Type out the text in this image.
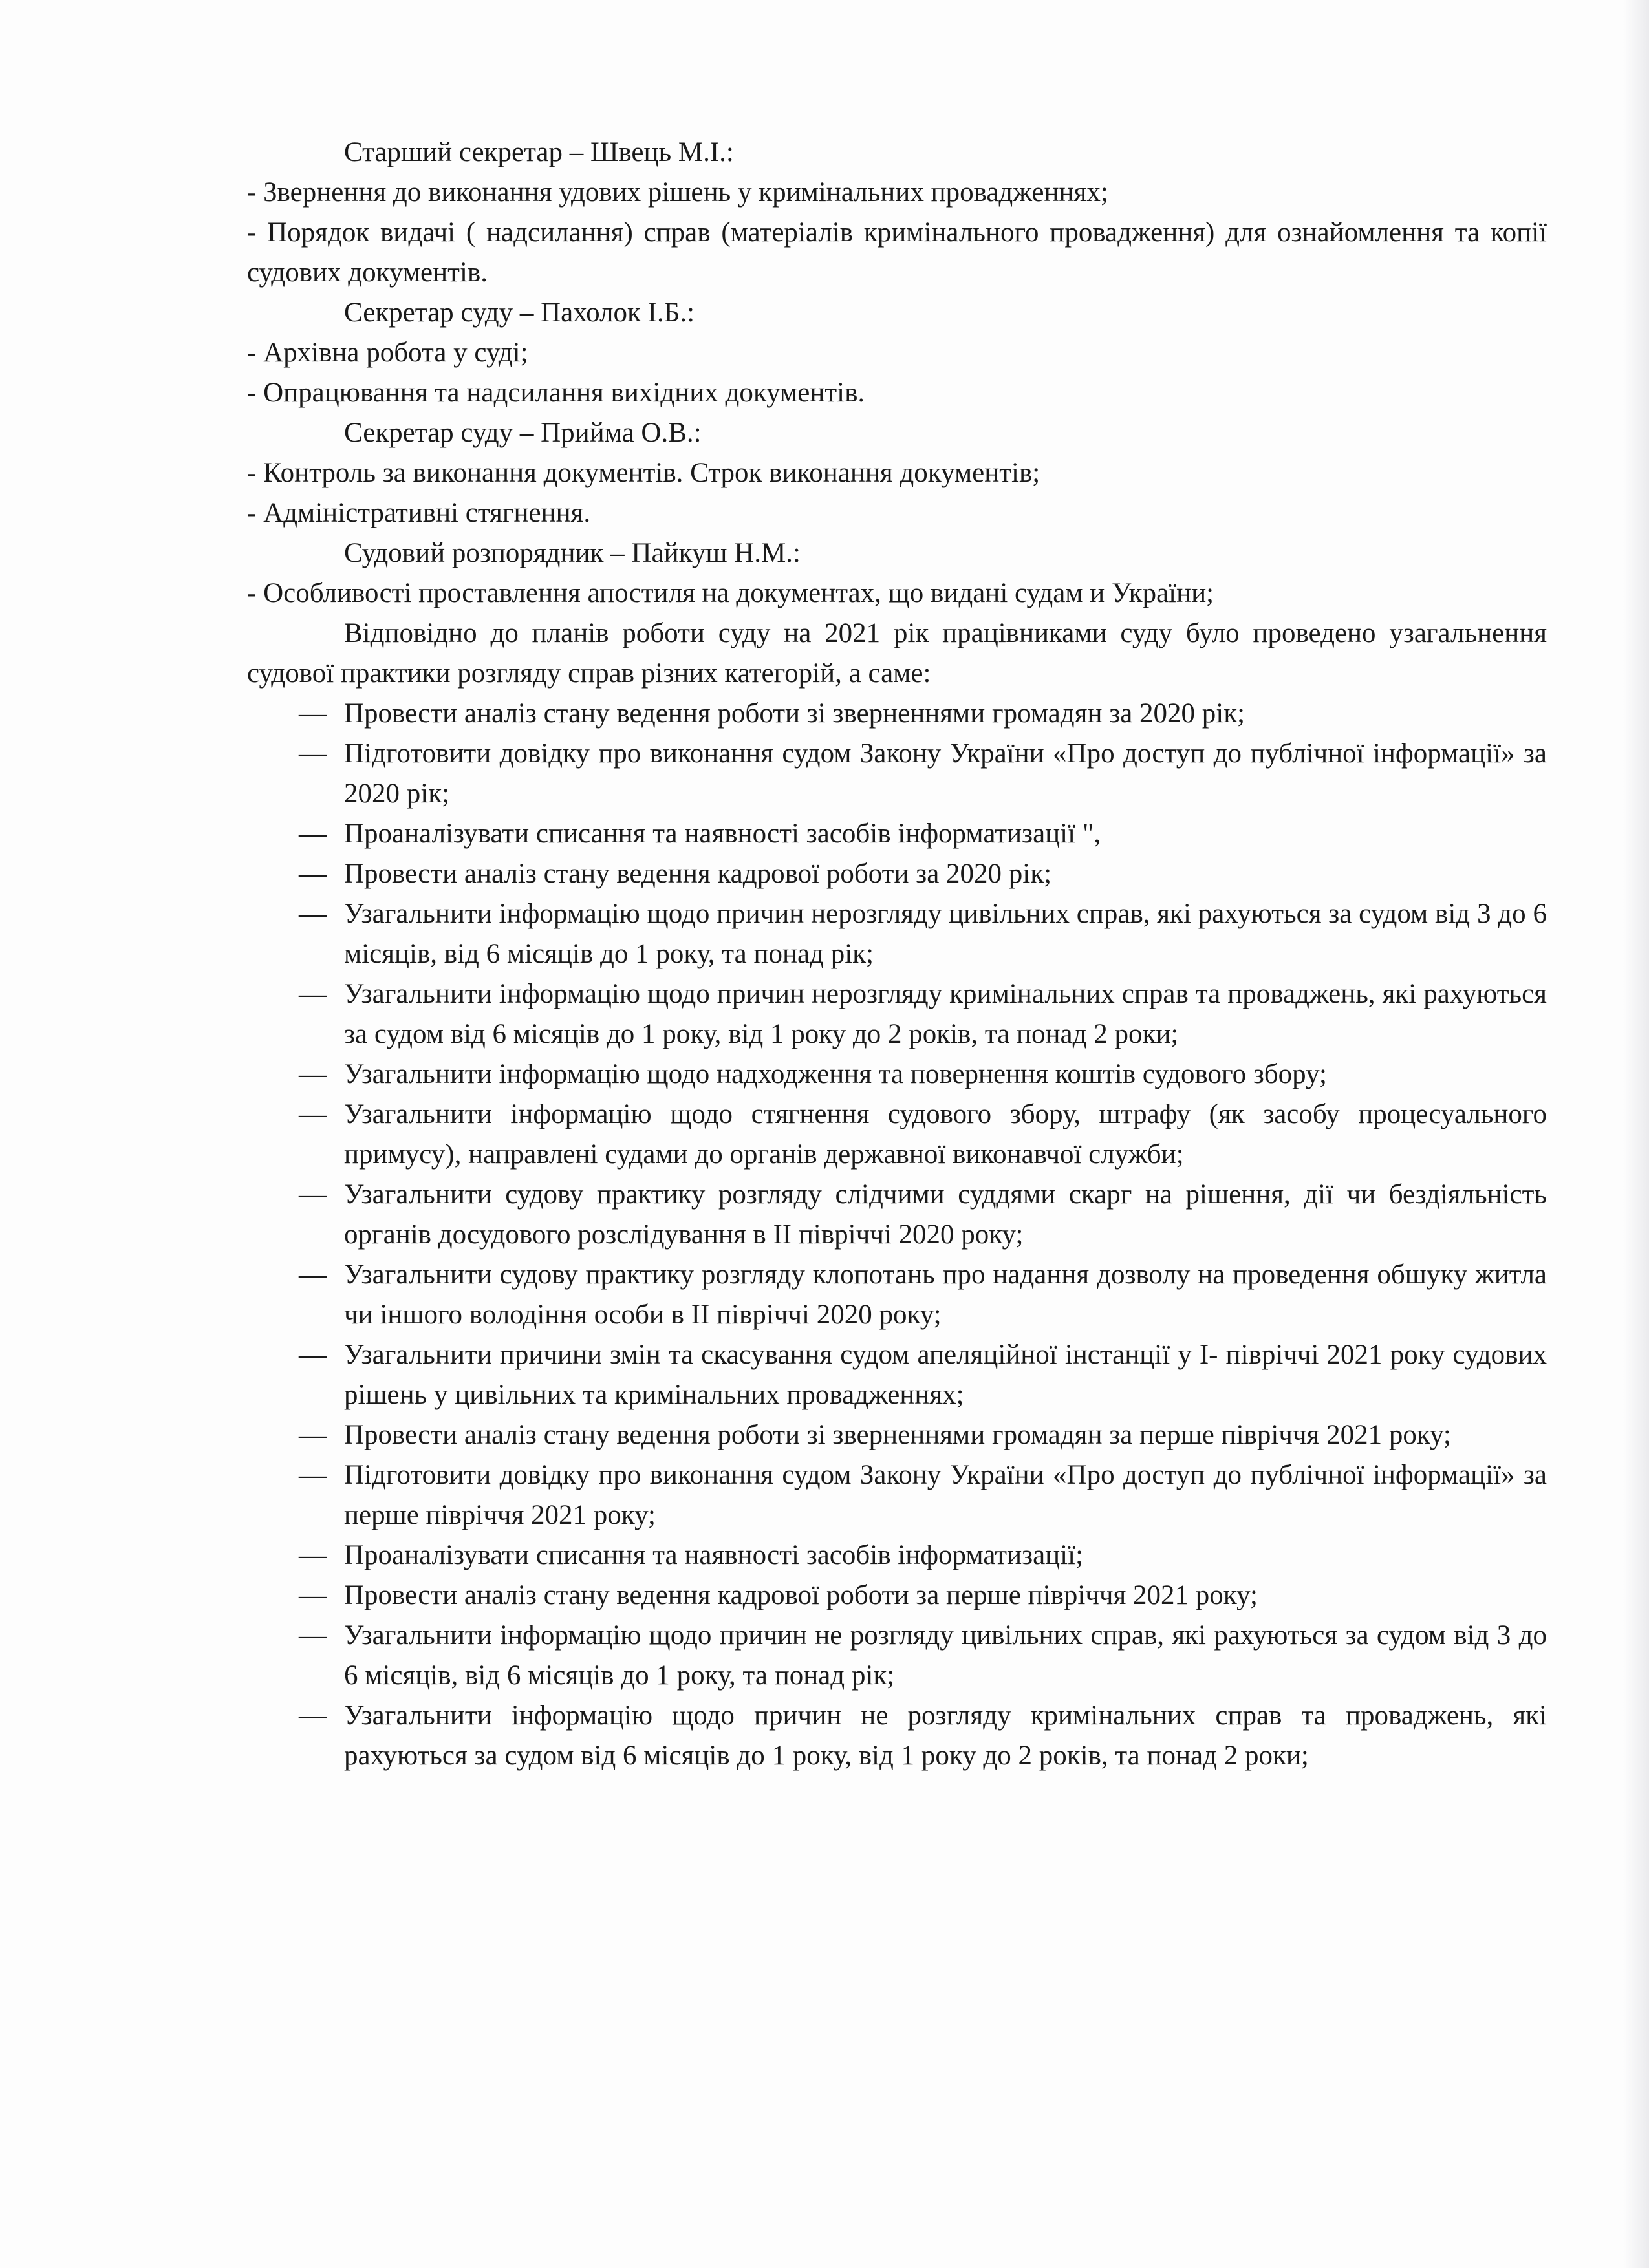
Старший секретар – Швець М.І.:
- Звернення до виконання удових рішень у кримінальних провадженнях;
- Порядок видачі ( надсилання) справ (матеріалів кримінального провадження) для ознайомлення та копії судових документів.
Секретар суду – Пахолок І.Б.:
- Архівна робота у суді;
- Опрацювання та надсилання вихідних документів.
Секретар суду – Прийма О.В.:
- Контроль за виконання документів. Строк виконання документів;
- Адміністративні стягнення.
Судовий розпорядник – Пайкуш Н.М.:
- Особливості проставлення апостиля на документах, що видані судам и України;
Відповідно до планів роботи суду на 2021 рік працівниками суду було проведено узагальнення судової практики розгляду справ різних категорій, а саме:
— Провести аналіз стану ведення роботи зі зверненнями громадян за 2020 рік;
— Підготовити довідку про виконання судом Закону України «Про доступ до публічної інформації» за 2020 рік;
— Проаналізувати списання та наявності засобів інформатизації ",
— Провести аналіз стану ведення кадрової роботи за 2020 рік;
— Узагальнити інформацію щодо причин нерозгляду цивільних справ, які рахуються за судом від 3 до 6 місяців, від 6 місяців до 1 року, та понад рік;
— Узагальнити інформацію щодо причин нерозгляду кримінальних справ та проваджень, які рахуються за судом від 6 місяців до 1 року, від 1 року до 2 років, та понад 2 роки;
— Узагальнити інформацію щодо надходження та повернення коштів судового збору;
— Узагальнити інформацію щодо стягнення судового збору, штрафу (як засобу процесуального примусу), направлені судами до органів державної виконавчої служби;
— Узагальнити судову практику розгляду слідчими суддями скарг на рішення, дії чи бездіяльність органів досудового розслідування в ІІ півріччі 2020 року;
— Узагальнити судову практику розгляду клопотань про надання дозволу на проведення обшуку житла чи іншого володіння особи в ІІ півріччі 2020 року;
— Узагальнити причини змін та скасування судом апеляційної інстанції у І- півріччі 2021 року судових рішень у цивільних та кримінальних провадженнях;
— Провести аналіз стану ведення роботи зі зверненнями громадян за перше півріччя 2021 року;
— Підготовити довідку про виконання судом Закону України «Про доступ до публічної інформації» за перше півріччя 2021 року;
— Проаналізувати списання та наявності засобів інформатизації;
— Провести аналіз стану ведення кадрової роботи за перше півріччя 2021 року;
— Узагальнити інформацію щодо причин не розгляду цивільних справ, які рахуються за судом від 3 до 6 місяців, від 6 місяців до 1 року, та понад рік;
— Узагальнити інформацію щодо причин не розгляду кримінальних справ та проваджень, які рахуються за судом від 6 місяців до 1 року, від 1 року до 2 років, та понад 2 роки;
